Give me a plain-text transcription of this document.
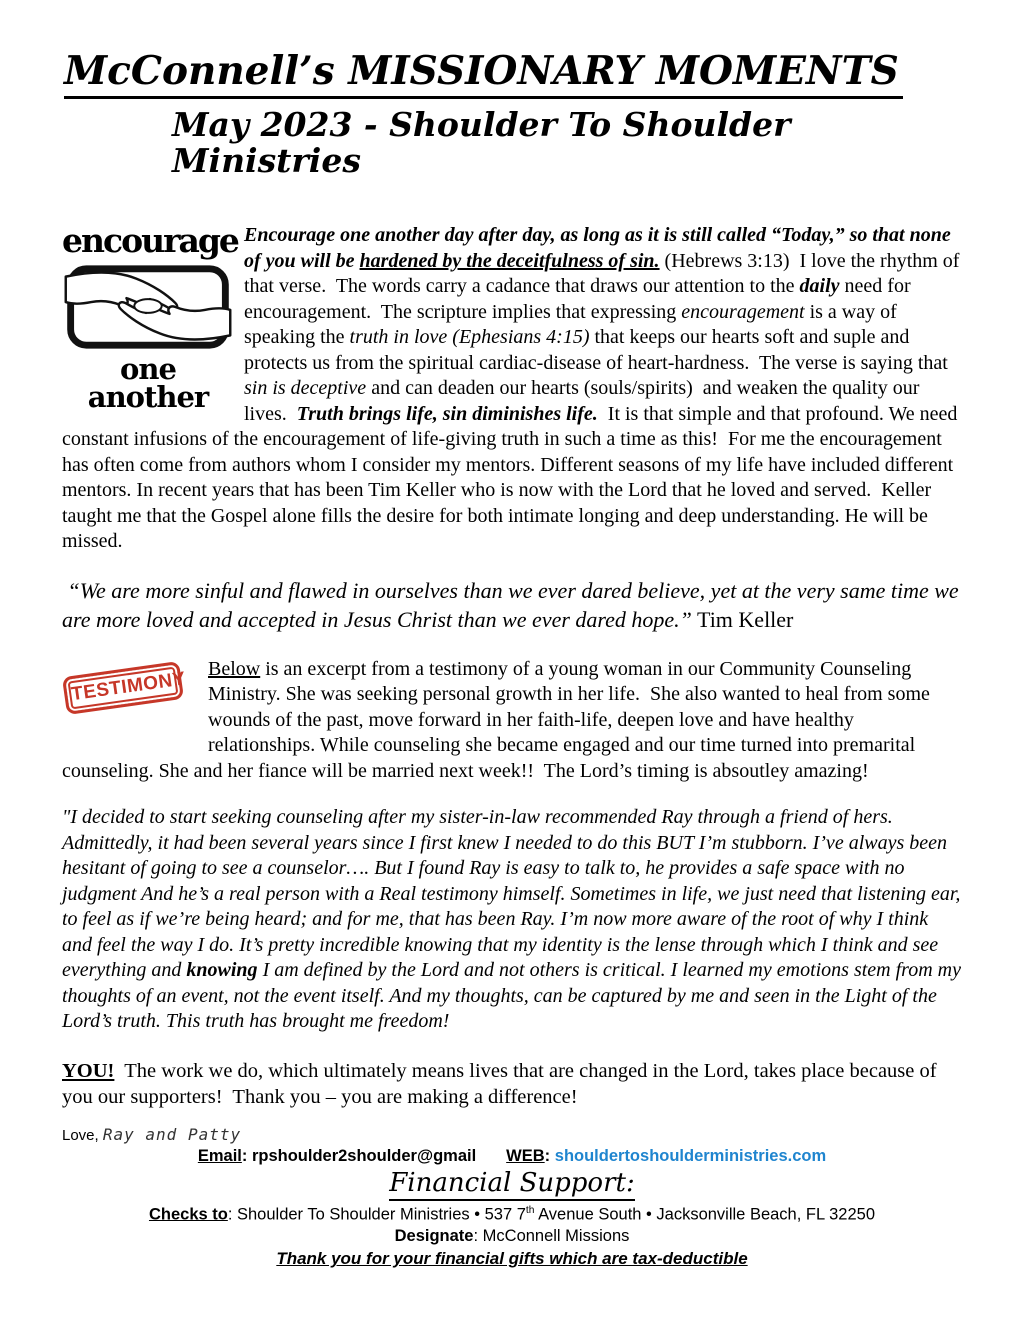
McConnell’s MISSIONARY MOMENTS
May 2023 - Shoulder To Shoulder Ministries
encourage
one another

Encourage one another day after day, as long as it is still called “Today,” so that none of you will be hardened by the deceitfulness of sin. (Hebrews 3:13)  I love the rhythm of that verse.  The words carry a cadance that draws our attention to the daily need for encouragement.  The scripture implies that expressing encouragement is a way of speaking the truth in love (Ephesians 4:15) that keeps our hearts soft and suple and protects us from the spiritual cardiac-disease of heart-hardness.  The verse is saying that sin is deceptive and can deaden our hearts (souls/spirits)  and weaken the quality our lives.  Truth brings life, sin diminishes life.  It is that simple and that profound. We need constant infusions of the encouragement of life-giving truth in such a time as this!  For me the encouragement has often come from authors whom I consider my mentors. Different seasons of my life have included different mentors. In recent years that has been Tim Keller who is now with the Lord that he loved and served.  Keller taught me that the Gospel alone fills the desire for both intimate longing and deep understanding. He will be missed.

“We are more sinful and flawed in ourselves than we ever dared believe, yet at the very same time we are more loved and accepted in Jesus Christ than we ever dared hope.” Tim Keller

TESTIMONY	Below is an excerpt from a testimony of a young woman in our Community Counseling Ministry. She was seeking personal growth in her life.  She also wanted to heal from some wounds of the past, move forward in her faith-life, deepen love and have healthy relationships. While counseling she became engaged and our time turned into premarital counseling. She and her fiance will be married next week!!  The Lord’s timing is absoutley amazing!

"I decided to start seeking counseling after my sister-in-law recommended Ray through a friend of hers. Admittedly, it had been several years since I first knew I needed to do this BUT I’m stubborn. I’ve always been hesitant of going to see a counselor…. But I found Ray is easy to talk to, he provides a safe space with no judgment And he’s a real person with a Real testimony himself. Sometimes in life, we just need that listening ear, to feel as if we’re being heard; and for me, that has been Ray. I’m now more aware of the root of why I think and feel the way I do. It’s pretty incredible knowing that my identity is the lense through which I think and see everything and knowing I am defined by the Lord and not others is critical. I learned my emotions stem from my thoughts of an event, not the event itself. And my thoughts, can be captured by me and seen in the Light of the Lord’s truth. This truth has brought me freedom!

YOU!  The work we do, which ultimately means lives that are changed in the Lord, takes place because of you our supporters!  Thank you – you are making a difference!

Love, Ray and Patty

Email: rpshoulder2shoulder@gmail WEB: shouldertoshoulderministries.com

Financial Support:

Checks to: Shoulder To Shoulder Ministries • 537 7th Avenue South • Jacksonville Beach, FL 32250

Designate: McConnell Missions

Thank you for your financial gifts which are tax-deductible
